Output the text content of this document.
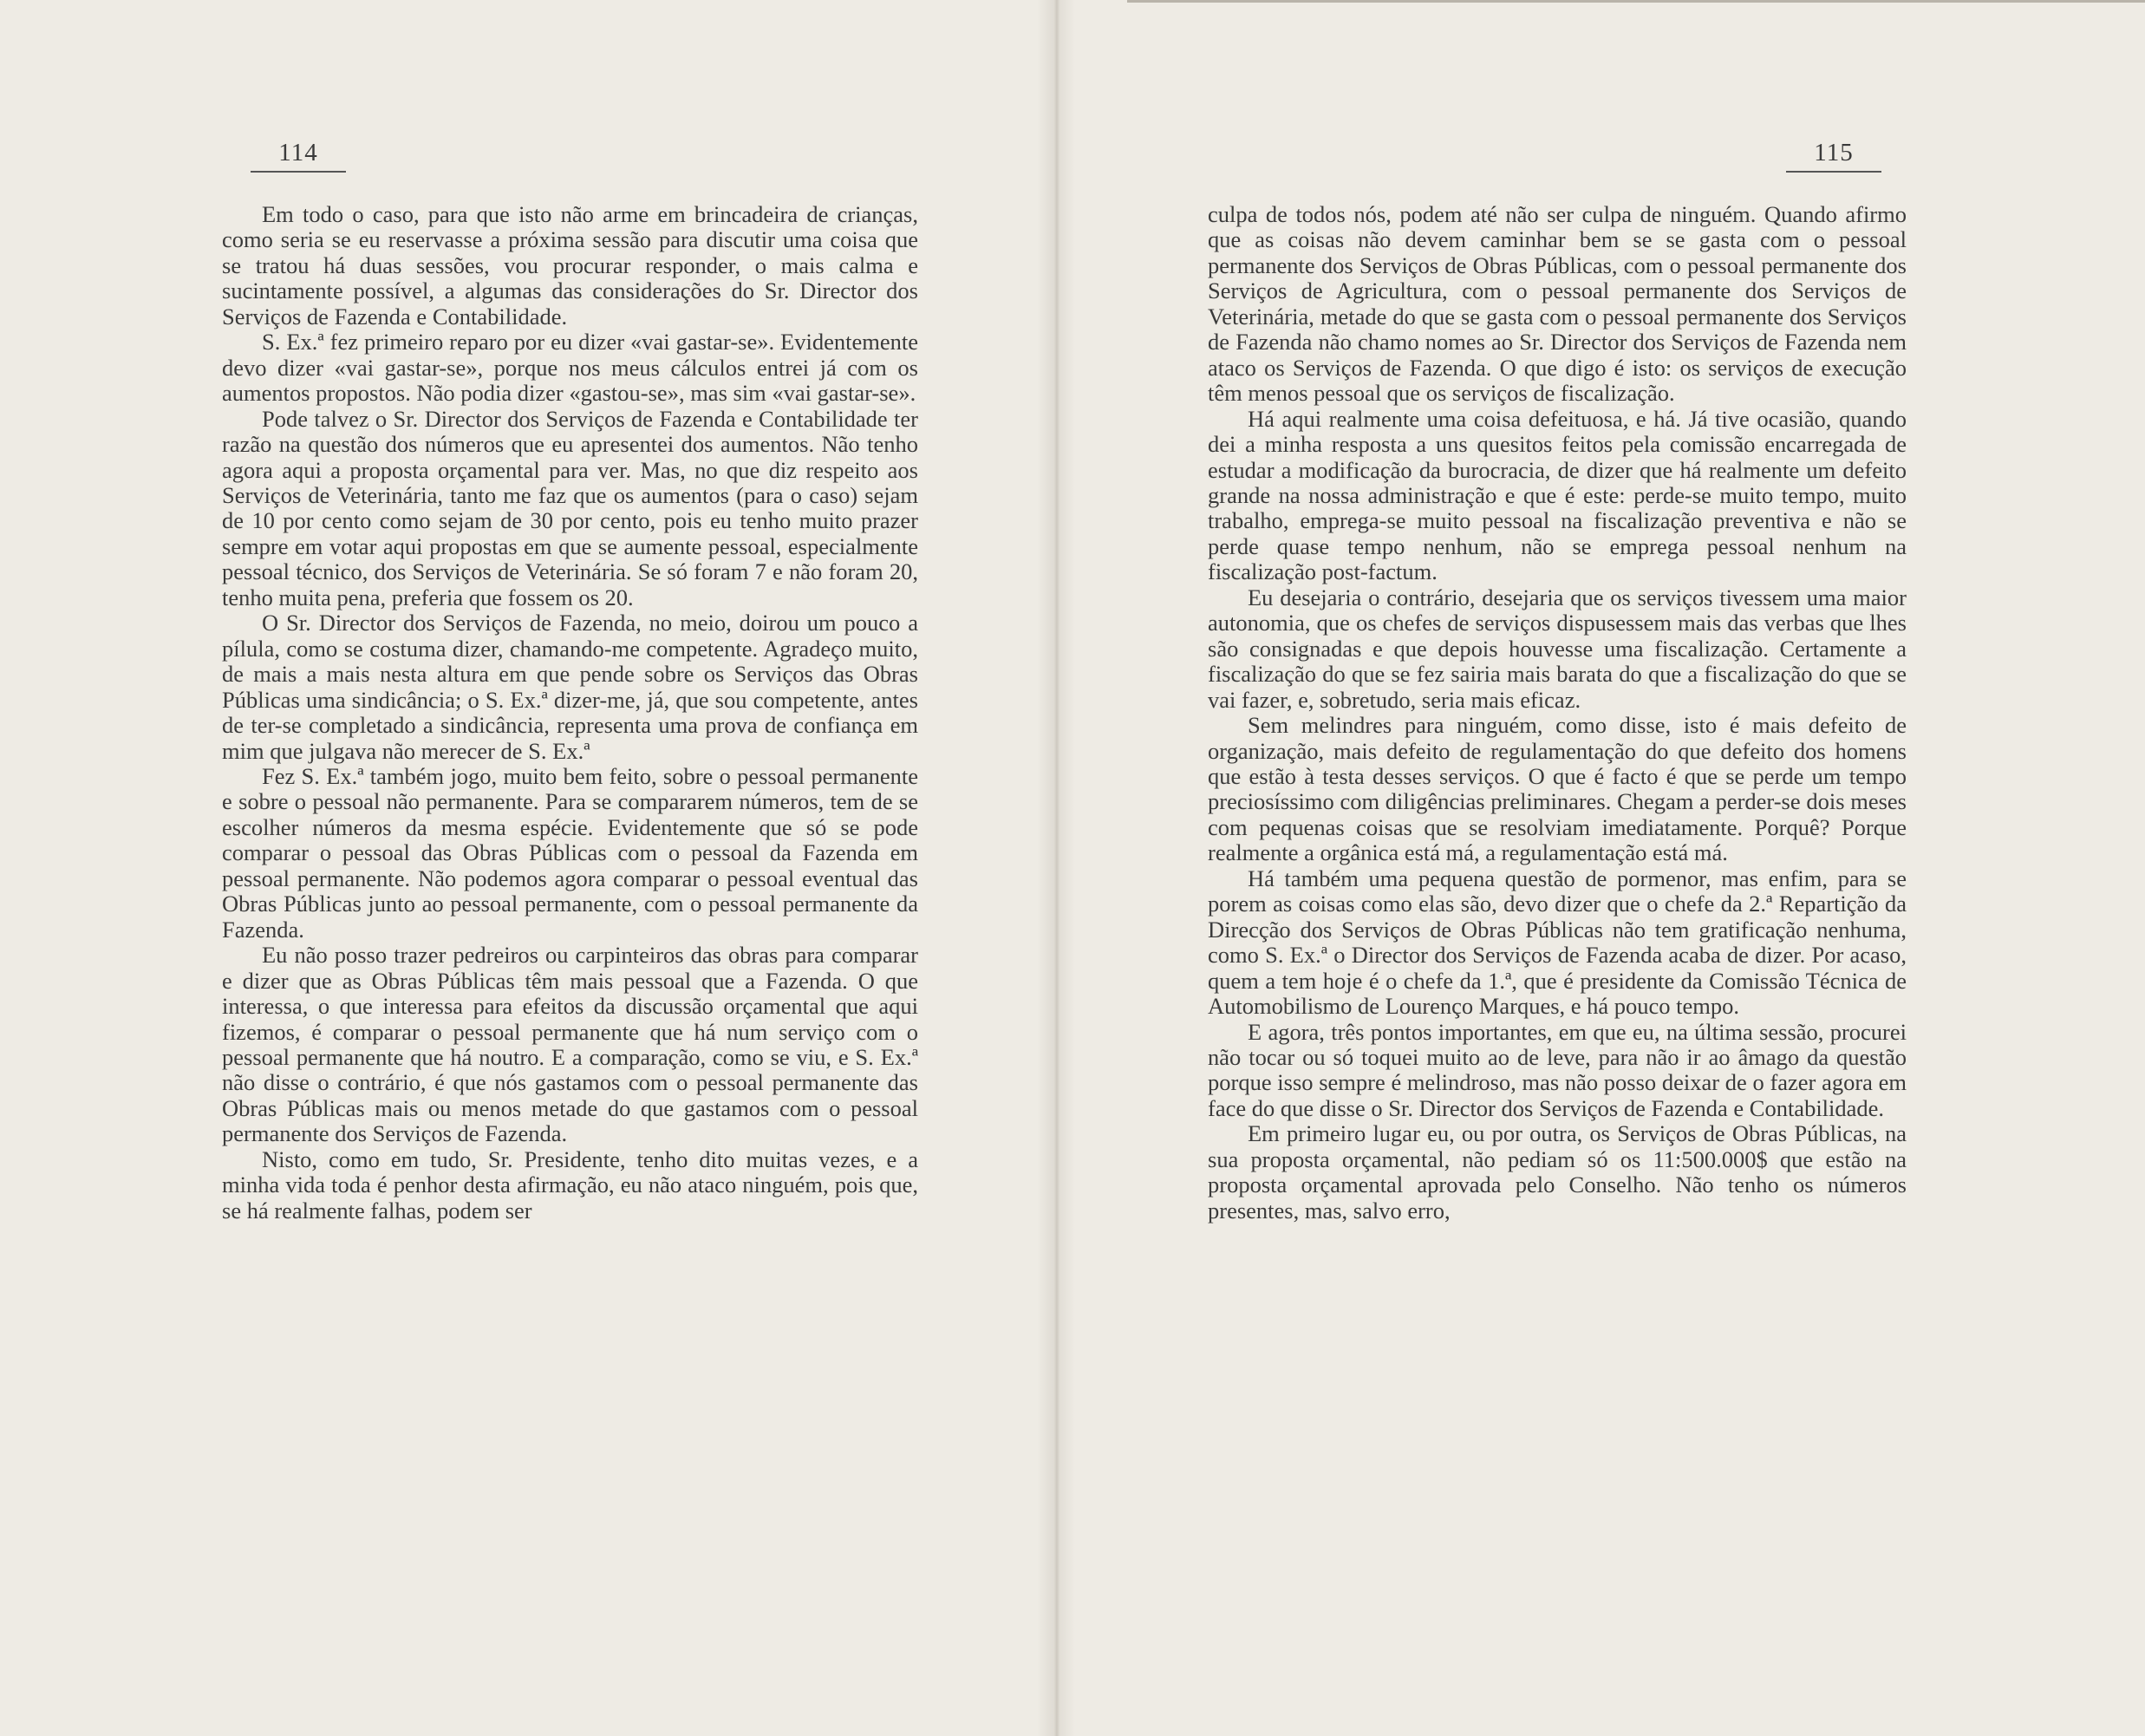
114

Em todo o caso, para que isto não arme em brincadeira de crianças, como seria se eu reservasse a próxima sessão para discutir uma coisa que se tratou há duas sessões, vou procurar responder, o mais calma e sucintamente possível, a algumas das considerações do Sr. Director dos Serviços de Fazenda e Contabilidade.

S. Ex.ª fez primeiro reparo por eu dizer «vai gastar-se». Evidentemente devo dizer «vai gastar-se», porque nos meus cálculos entrei já com os aumentos propostos. Não podia dizer «gastou-se», mas sim «vai gastar-se».

Pode talvez o Sr. Director dos Serviços de Fazenda e Contabilidade ter razão na questão dos números que eu apresentei dos aumentos. Não tenho agora aqui a proposta orçamental para ver. Mas, no que diz respeito aos Serviços de Veterinária, tanto me faz que os aumentos (para o caso) sejam de 10 por cento como sejam de 30 por cento, pois eu tenho muito prazer sempre em votar aqui propostas em que se aumente pessoal, especialmente pessoal técnico, dos Serviços de Veterinária. Se só foram 7 e não foram 20, tenho muita pena, preferia que fossem os 20.

O Sr. Director dos Serviços de Fazenda, no meio, doirou um pouco a pílula, como se costuma dizer, chamando-me competente. Agradeço muito, de mais a mais nesta altura em que pende sobre os Serviços das Obras Públicas uma sindicância; o S. Ex.ª dizer-me, já, que sou competente, antes de ter-se completado a sindicância, representa uma prova de confiança em mim que julgava não merecer de S. Ex.ª

Fez S. Ex.ª também jogo, muito bem feito, sobre o pessoal permanente e sobre o pessoal não permanente. Para se compararem números, tem de se escolher números da mesma espécie. Evidentemente que só se pode comparar o pessoal das Obras Públicas com o pessoal da Fazenda em pessoal permanente. Não podemos agora comparar o pessoal eventual das Obras Públicas junto ao pessoal permanente, com o pessoal permanente da Fazenda.

Eu não posso trazer pedreiros ou carpinteiros das obras para comparar e dizer que as Obras Públicas têm mais pessoal que a Fazenda. O que interessa, o que interessa para efeitos da discussão orçamental que aqui fizemos, é comparar o pessoal permanente que há num serviço com o pessoal permanente que há noutro. E a comparação, como se viu, e S. Ex.ª não disse o contrário, é que nós gastamos com o pessoal permanente das Obras Públicas mais ou menos metade do que gastamos com o pessoal permanente dos Serviços de Fazenda.

Nisto, como em tudo, Sr. Presidente, tenho dito muitas vezes, e a minha vida toda é penhor desta afirmação, eu não ataco ninguém, pois que, se há realmente falhas, podem ser

115

culpa de todos nós, podem até não ser culpa de ninguém. Quando afirmo que as coisas não devem caminhar bem se se gasta com o pessoal permanente dos Serviços de Obras Públicas, com o pessoal permanente dos Serviços de Agricultura, com o pessoal permanente dos Serviços de Veterinária, metade do que se gasta com o pessoal permanente dos Serviços de Fazenda não chamo nomes ao Sr. Director dos Serviços de Fazenda nem ataco os Serviços de Fazenda. O que digo é isto: os serviços de execução têm menos pessoal que os serviços de fiscalização.

Há aqui realmente uma coisa defeituosa, e há. Já tive ocasião, quando dei a minha resposta a uns quesitos feitos pela comissão encarregada de estudar a modificação da burocracia, de dizer que há realmente um defeito grande na nossa administração e que é este: perde-se muito tempo, muito trabalho, emprega-se muito pessoal na fiscalização preventiva e não se perde quase tempo nenhum, não se emprega pessoal nenhum na fiscalização post-factum.

Eu desejaria o contrário, desejaria que os serviços tivessem uma maior autonomia, que os chefes de serviços dispusessem mais das verbas que lhes são consignadas e que depois houvesse uma fiscalização. Certamente a fiscalização do que se fez sairia mais barata do que a fiscalização do que se vai fazer, e, sobretudo, seria mais eficaz.

Sem melindres para ninguém, como disse, isto é mais defeito de organização, mais defeito de regulamentação do que defeito dos homens que estão à testa desses serviços. O que é facto é que se perde um tempo preciosíssimo com diligências preliminares. Chegam a perder-se dois meses com pequenas coisas que se resolviam imediatamente. Porquê? Porque realmente a orgânica está má, a regulamentação está má.

Há também uma pequena questão de pormenor, mas enfim, para se porem as coisas como elas são, devo dizer que o chefe da 2.ª Repartição da Direcção dos Serviços de Obras Públicas não tem gratificação nenhuma, como S. Ex.ª o Director dos Serviços de Fazenda acaba de dizer. Por acaso, quem a tem hoje é o chefe da 1.ª, que é presidente da Comissão Técnica de Automobilismo de Lourenço Marques, e há pouco tempo.

E agora, três pontos importantes, em que eu, na última sessão, procurei não tocar ou só toquei muito ao de leve, para não ir ao âmago da questão porque isso sempre é melindroso, mas não posso deixar de o fazer agora em face do que disse o Sr. Director dos Serviços de Fazenda e Contabilidade.

Em primeiro lugar eu, ou por outra, os Serviços de Obras Públicas, na sua proposta orçamental, não pediam só os 11:500.000$ que estão na proposta orçamental aprovada pelo Conselho. Não tenho os números presentes, mas, salvo erro,
